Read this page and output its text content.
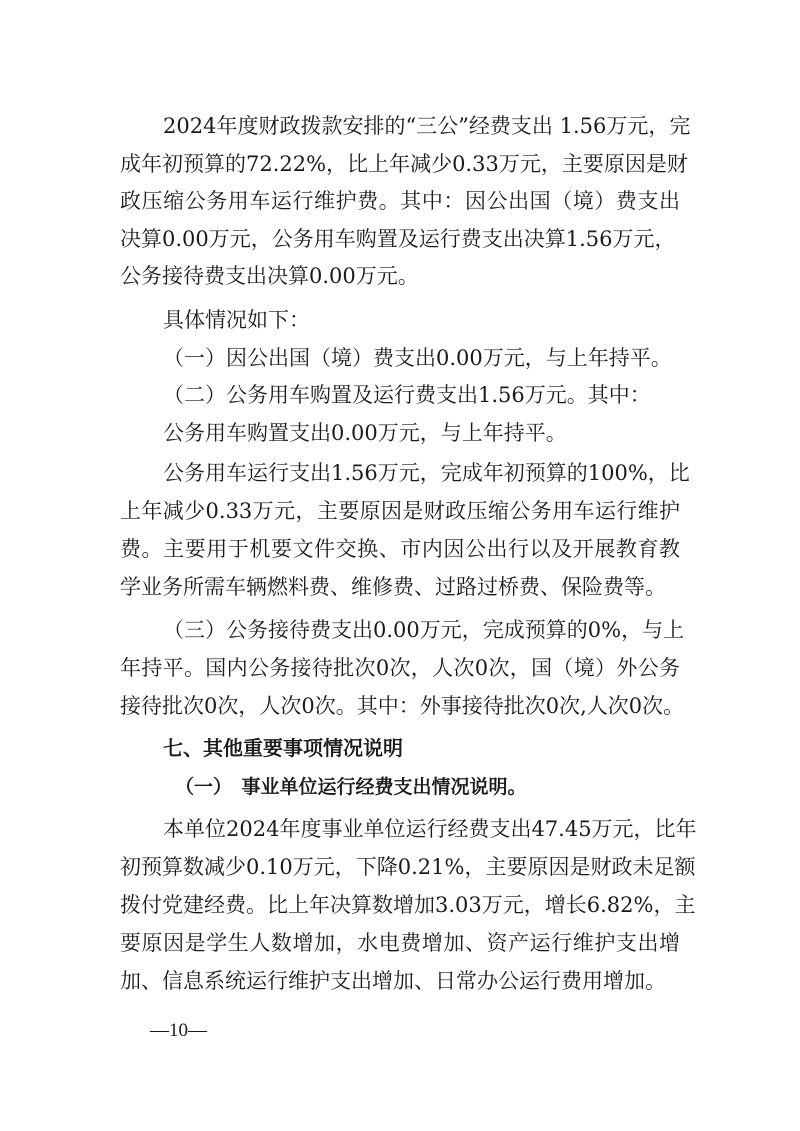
2024年度财政拨款安排的“三公”经费支出 1.56万元，完

成年初预算的72.22%，比上年减少0.33万元，主要原因是财

政压缩公务用车运行维护费。其中：因公出国（境）费支出

决算0.00万元，公务用车购置及运行费支出决算1.56万元，

公务接待费支出决算0.00万元。

具体情况如下：

（一）因公出国（境）费支出0.00万元，与上年持平。

（二）公务用车购置及运行费支出1.56万元。其中：

公务用车购置支出0.00万元，与上年持平。

公务用车运行支出1.56万元，完成年初预算的100%，比

上年减少0.33万元，主要原因是财政压缩公务用车运行维护

费。主要用于机要文件交换、市内因公出行以及开展教育教

学业务所需车辆燃料费、维修费、过路过桥费、保险费等。

（三）公务接待费支出0.00万元，完成预算的0%，与上

年持平。国内公务接待批次0次，人次0次，国（境）外公务

接待批次0次，人次0次。其中：外事接待批次0次,人次0次。

七、其他重要事项情况说明

（一）　事业单位运行经费支出情况说明。

本单位2024年度事业单位运行经费支出47.45万元，比年

初预算数减少0.10万元，下降0.21%，主要原因是财政未足额

拨付党建经费。比上年决算数增加3.03万元，增长6.82%，主

要原因是学生人数增加，水电费增加、资产运行维护支出增

加、信息系统运行维护支出增加、日常办公运行费用增加。

—10—
